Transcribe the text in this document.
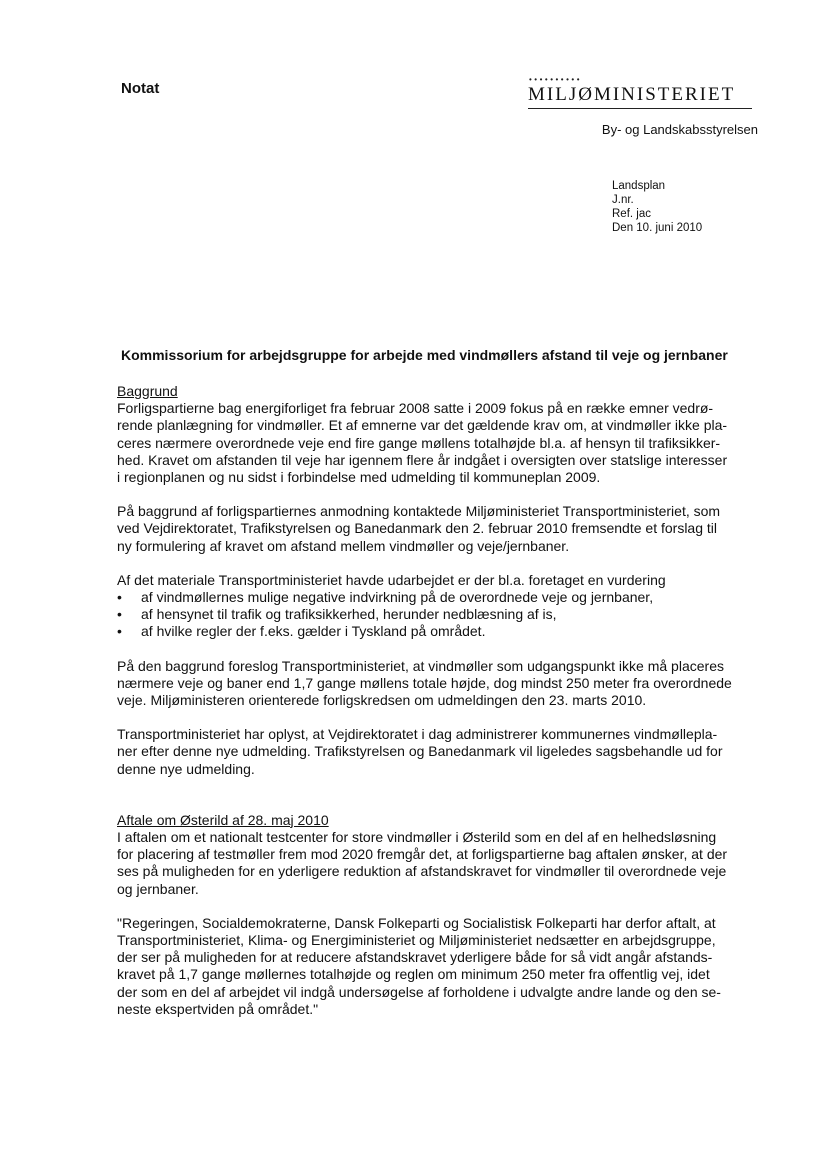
Notat
••••••••••
MILJØMINISTERIET
By- og Landskabsstyrelsen
Landsplan
J.nr.
Ref. jac
Den 10. juni 2010
Kommissorium for arbejdsgruppe for arbejde med vindmøllers afstand til veje og jernbaner

Baggrund

Forligspartierne bag energiforliget fra februar 2008 satte i 2009 fokus på en række emner vedrø-
rende planlægning for vindmøller. Et af emnerne var det gældende krav om, at vindmøller ikke pla-
ceres nærmere overordnede veje end fire gange møllens totalhøjde bl.a. af hensyn til trafiksikker-
hed. Kravet om afstanden til veje har igennem flere år indgået i oversigten over statslige interesser
i regionplanen og nu sidst i forbindelse med udmelding til kommuneplan 2009.

På baggrund af forligspartiernes anmodning kontaktede Miljøministeriet Transportministeriet, som
ved Vejdirektoratet, Trafikstyrelsen og Banedanmark den 2. februar 2010 fremsendte et forslag til
ny formulering af kravet om afstand mellem vindmøller og veje/jernbaner.

Af det materiale Transportministeriet havde udarbejdet er der bl.a. foretaget en vurdering

• af vindmøllernes mulige negative indvirkning på de overordnede veje og jernbaner,
• af hensynet til trafik og trafiksikkerhed, herunder nedblæsning af is,
• af hvilke regler der f.eks. gælder i Tyskland på området.

På den baggrund foreslog Transportministeriet, at vindmøller som udgangspunkt ikke må placeres
nærmere veje og baner end 1,7 gange møllens totale højde, dog mindst 250 meter fra overordnede
veje. Miljøministeren orienterede forligskredsen om udmeldingen den 23. marts 2010.

Transportministeriet har oplyst, at Vejdirektoratet i dag administrerer kommunernes vindmøllepla-
ner efter denne nye udmelding. Trafikstyrelsen og Banedanmark vil ligeledes sagsbehandle ud for
denne nye udmelding.

Aftale om Østerild af 28. maj 2010

I aftalen om et nationalt testcenter for store vindmøller i Østerild som en del af en helhedsløsning
for placering af testmøller frem mod 2020 fremgår det, at forligspartierne bag aftalen ønsker, at der
ses på muligheden for en yderligere reduktion af afstandskravet for vindmøller til overordnede veje
og jernbaner.

"Regeringen, Socialdemokraterne, Dansk Folkeparti og Socialistisk Folkeparti har derfor aftalt, at
Transportministeriet, Klima- og Energiministeriet og Miljøministeriet nedsætter en arbejdsgruppe,
der ser på muligheden for at reducere afstandskravet yderligere både for så vidt angår afstands-
kravet på 1,7 gange møllernes totalhøjde og reglen om minimum 250 meter fra offentlig vej, idet
der som en del af arbejdet vil indgå undersøgelse af forholdene i udvalgte andre lande og den se-
neste ekspertviden på området."
